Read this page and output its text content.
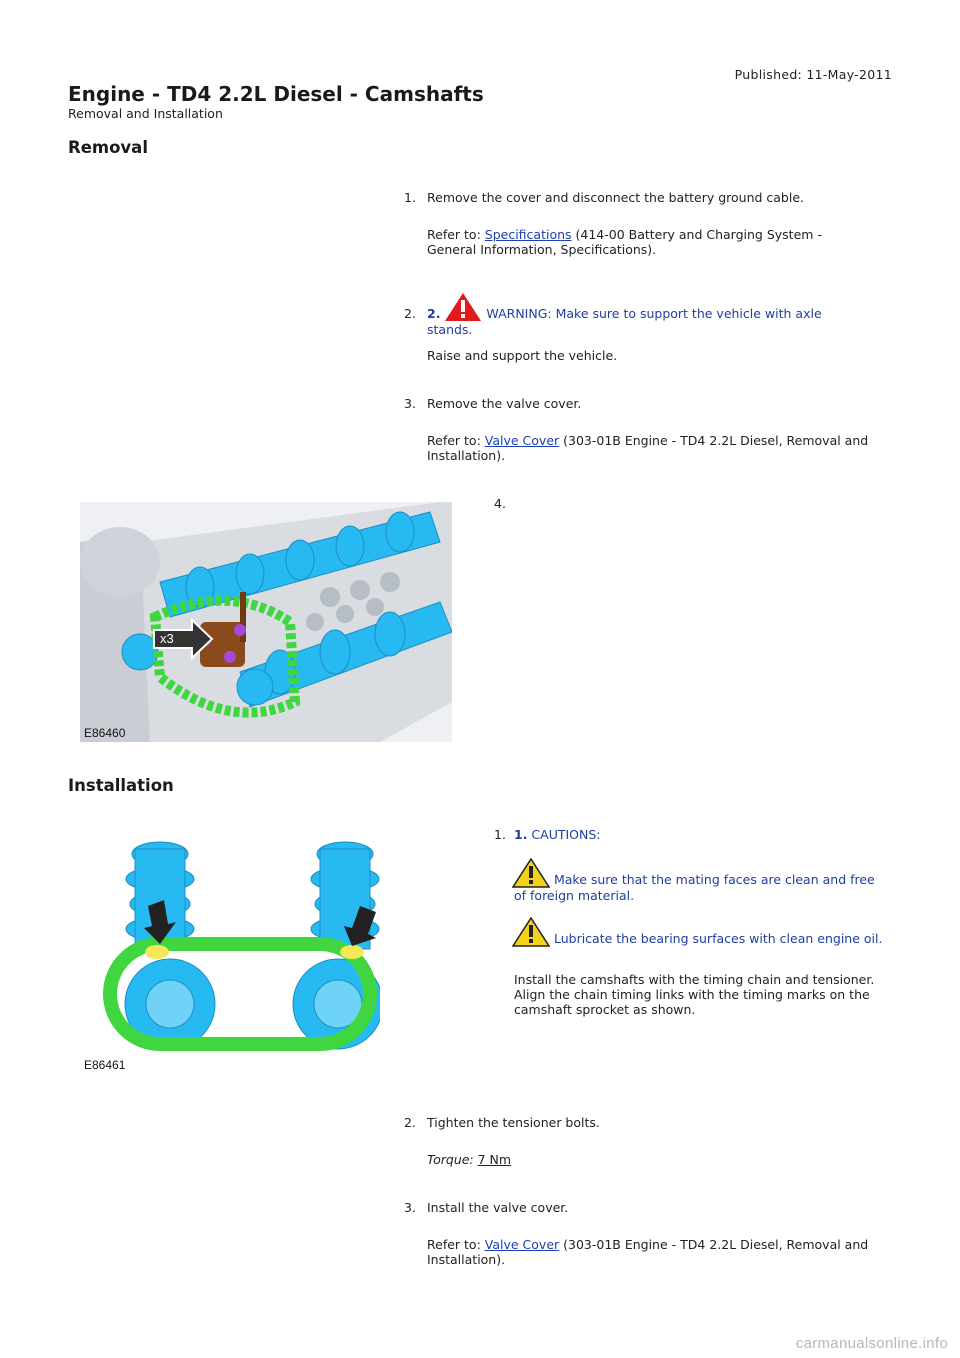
Published: 11-May-2011
Engine - TD4 2.2L Diesel - Camshafts
Removal and Installation
Removal
1. Remove the cover and disconnect the battery ground cable.
Refer to: Specifications (414-00 Battery and Charging System - General Information, Specifications).
2. 2.	WARNING: Make sure to support the vehicle with axle stands.
Raise and support the vehicle.
3. Remove the valve cover.
Refer to: Valve Cover (303-01B Engine - TD4 2.2L Diesel, Removal and Installation).
4.
x3
E86460
Installation
E86461
1. 1. CAUTIONS:
Make sure that the mating faces are clean and free of foreign material.
Lubricate the bearing surfaces with clean engine oil.
Install the camshafts with the timing chain and tensioner. Align the chain timing links with the timing marks on the camshaft sprocket as shown.
2. Tighten the tensioner bolts.
Torque: 7 Nm
3. Install the valve cover.
Refer to: Valve Cover (303-01B Engine - TD4 2.2L Diesel, Removal and Installation).
carmanualsonline.info
